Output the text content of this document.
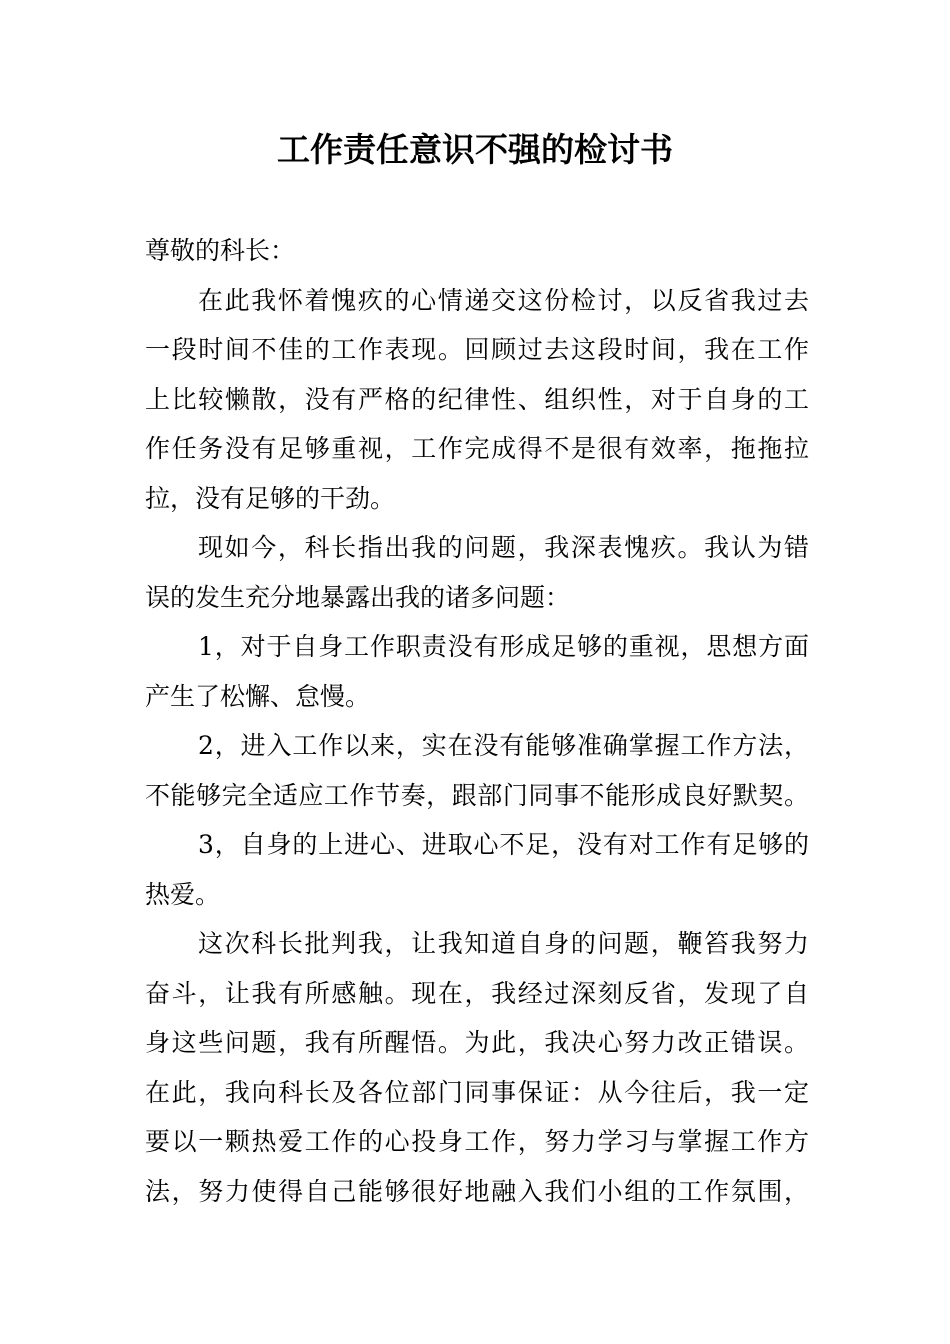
工作责任意识不强的检讨书
尊敬的科长：
在此我怀着愧疚的心情递交这份检讨，以反省我过去
一段时间不佳的工作表现。回顾过去这段时间，我在工作
上比较懒散，没有严格的纪律性、组织性，对于自身的工
作任务没有足够重视，工作完成得不是很有效率，拖拖拉
拉，没有足够的干劲。
现如今，科长指出我的问题，我深表愧疚。我认为错
误的发生充分地暴露出我的诸多问题：
1，对于自身工作职责没有形成足够的重视，思想方面
产生了松懈、怠慢。
2，进入工作以来，实在没有能够准确掌握工作方法，
不能够完全适应工作节奏，跟部门同事不能形成良好默契。
3，自身的上进心、进取心不足，没有对工作有足够的
热爱。
这次科长批判我，让我知道自身的问题，鞭笞我努力
奋斗，让我有所感触。现在，我经过深刻反省，发现了自
身这些问题，我有所醒悟。为此，我决心努力改正错误。
在此，我向科长及各位部门同事保证：从今往后，我一定
要以一颗热爱工作的心投身工作，努力学习与掌握工作方
法，努力使得自己能够很好地融入我们小组的工作氛围，
